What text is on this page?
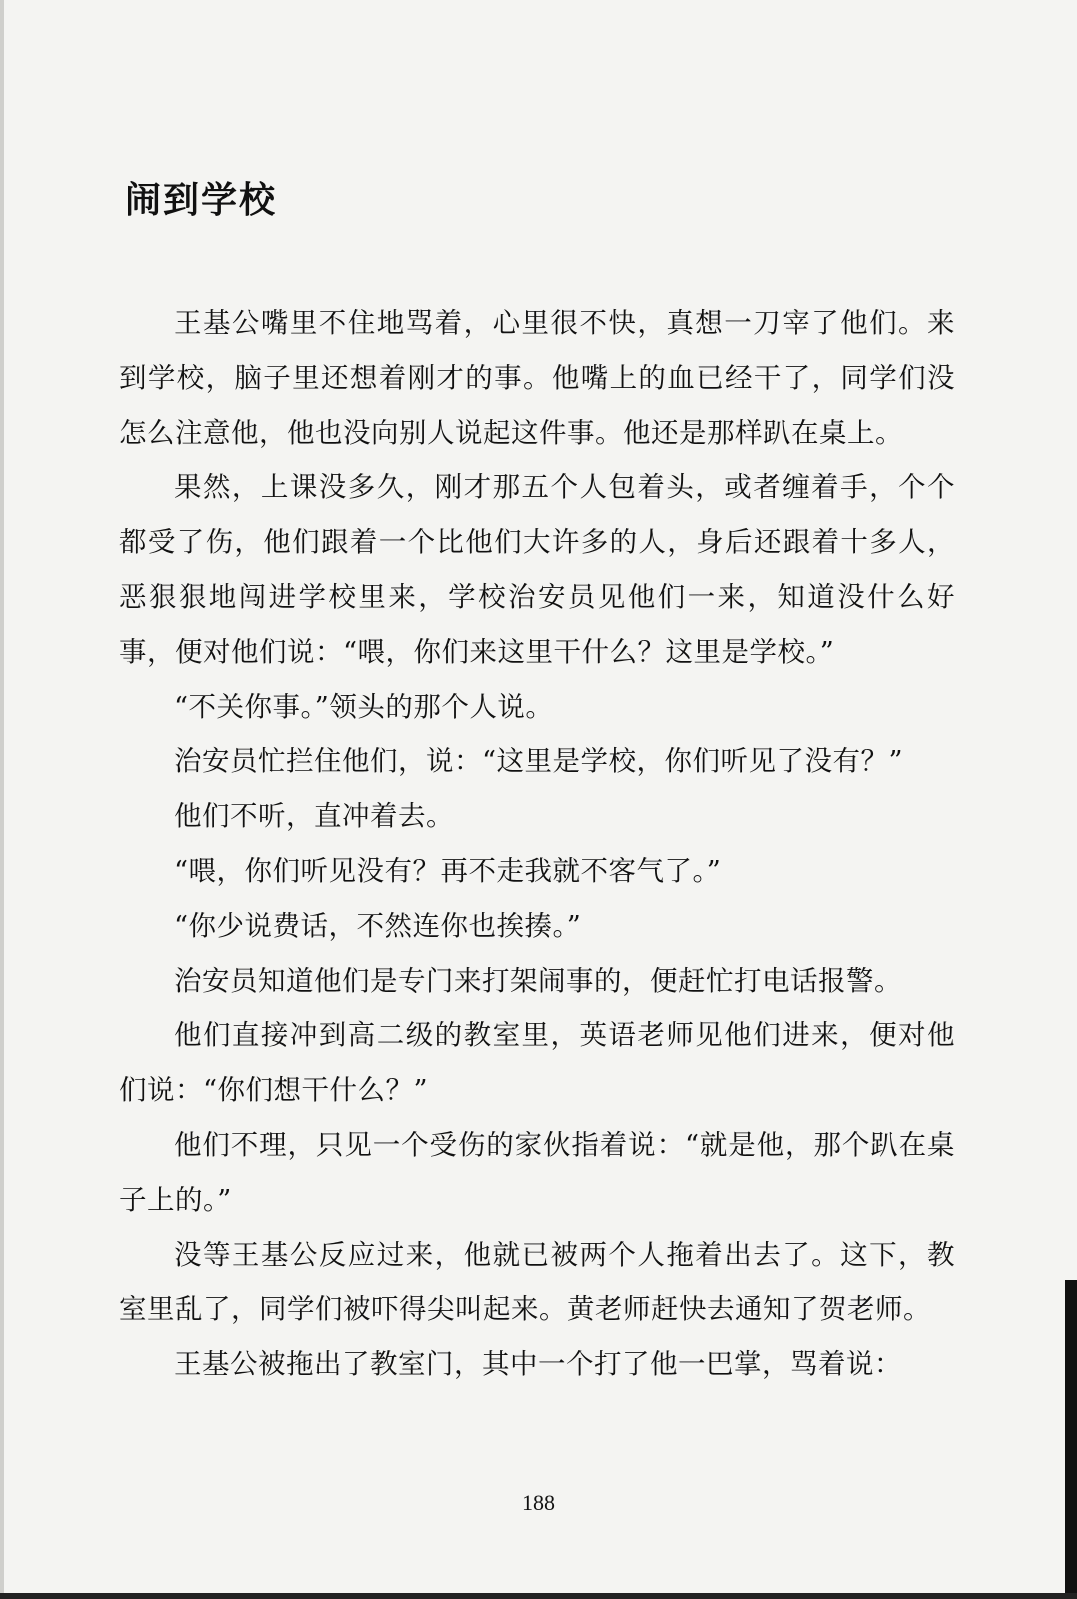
闹到学校

王基公嘴里不住地骂着，心里很不快，真想一刀宰了他们。来到学校，脑子里还想着刚才的事。他嘴上的血已经干了，同学们没怎么注意他，他也没向别人说起这件事。他还是那样趴在桌上。

果然，上课没多久，刚才那五个人包着头，或者缠着手，个个都受了伤，他们跟着一个比他们大许多的人，身后还跟着十多人，恶狠狠地闯进学校里来，学校治安员见他们一来，知道没什么好事，便对他们说：“喂，你们来这里干什么？这里是学校。”

“不关你事。”领头的那个人说。

治安员忙拦住他们，说：“这里是学校，你们听见了没有？”

他们不听，直冲着去。

“喂，你们听见没有？再不走我就不客气了。”

“你少说费话，不然连你也挨揍。”

治安员知道他们是专门来打架闹事的，便赶忙打电话报警。

他们直接冲到高二级的教室里，英语老师见他们进来，便对他们说：“你们想干什么？”

他们不理，只见一个受伤的家伙指着说：“就是他，那个趴在桌子上的。”

没等王基公反应过来，他就已被两个人拖着出去了。这下，教室里乱了，同学们被吓得尖叫起来。黄老师赶快去通知了贺老师。

王基公被拖出了教室门，其中一个打了他一巴掌，骂着说：

188
